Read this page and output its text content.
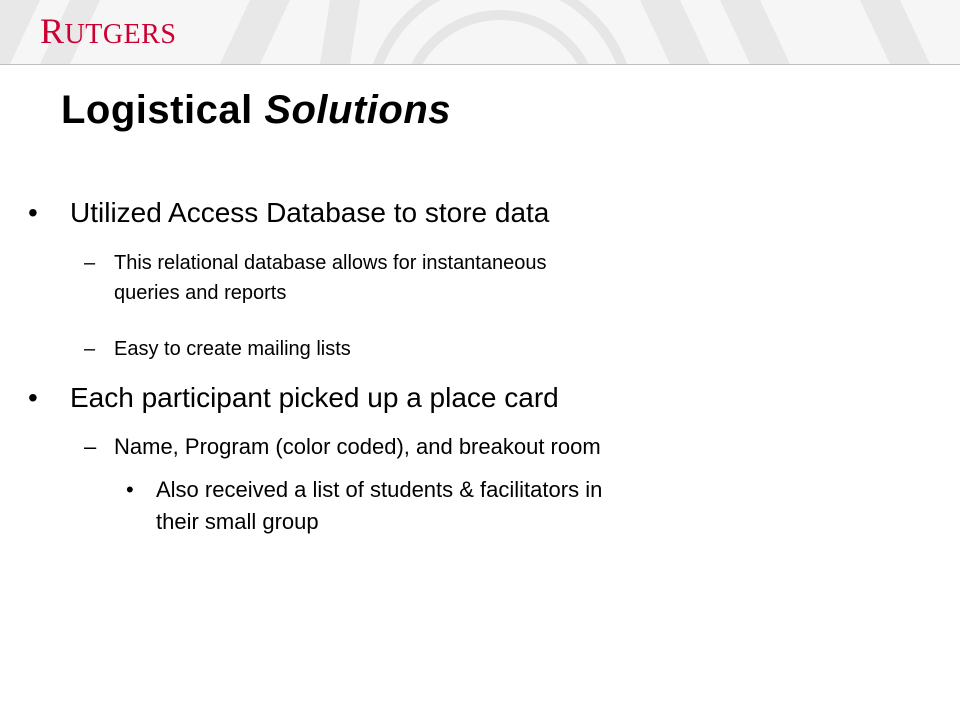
RUTGERS
Logistical Solutions
• Utilized Access Database to store data
– This relational database allows for instantaneous
queries and reports
– Easy to create mailing lists
• Each participant picked up a place card
– Name, Program (color coded), and breakout room
• Also received a list of students & facilitators in
their small group
